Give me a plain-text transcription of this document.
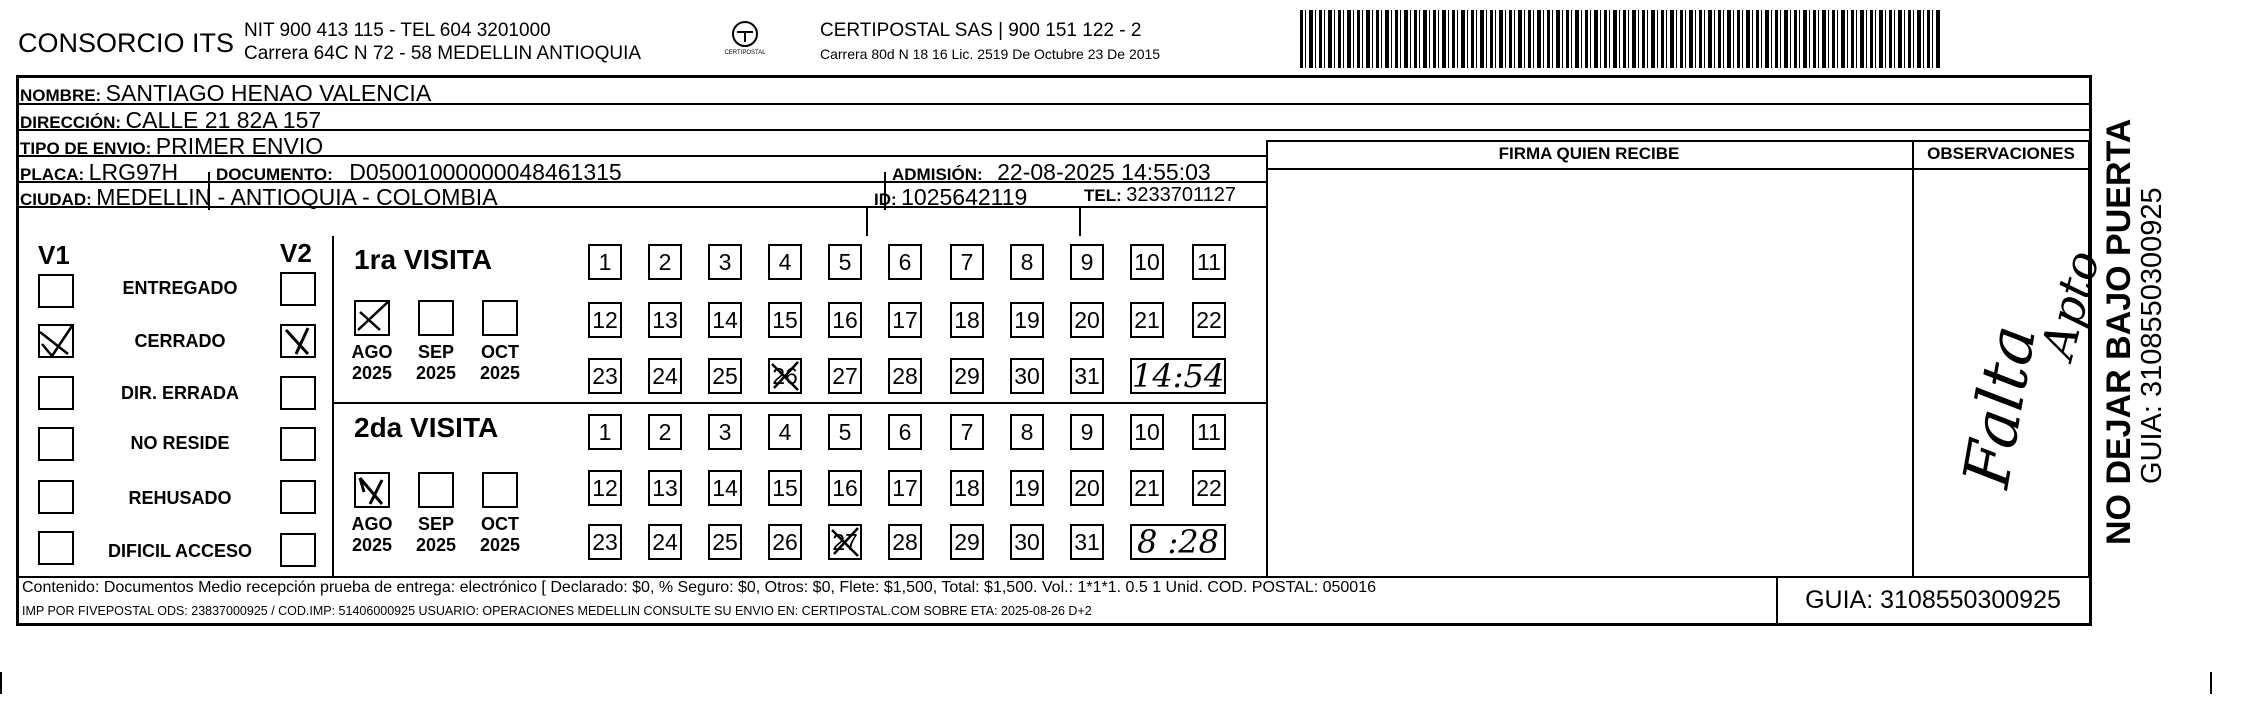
CONSORCIO ITS NIT 900 413 115 - TEL 604 3201000
Carrera 64C N 72 - 58 MEDELLIN ANTIOQUIA	CERTIPOSTAL
CERTIPOSTAL SAS | 900 151 122 - 2
Carrera 80d N 18 16 Lic. 2519 De Octubre 23 De 2015
NOMBRE: SANTIAGO HENAO VALENCIA
DIRECCIÓN: CALLE 21 82A 157
TIPO DE ENVIO: PRIMER ENVIO	FIRMA QUIEN RECIBE	OBSERVACIONES
PLACA: LRG97H DOCUMENTO: D05001000000048461315	ADMISIÓN: 22-08-2025 14:55:03
CIUDAD: MEDELLIN - ANTIOQUIA - COLOMBIA	ID: 1025642119	TEL: 3233701127
V1	V2
ENTREGADO
CERRADO
DIR. ERRADA
NO RESIDE
REHUSADO
DIFICIL ACCESO
1ra VISITA
AGO
2025
SEP
2025
OCT
2025
1	2	3	4	5	6	7	8	9	10 11
12 13 14 15 16 17 18 19 20 21 22
23 24 25 26 27 28 29 30 31 14:54
2da VISITA
AGO
2025
SEP
2025
OCT
2025
1	2	3	4	5	6	7	8	9	10 11
12 13 14 15 16 17 18 19 20 21 22
23 24 25 26 27 28 29 30 31 8 :28
Falta
Apto
Contenido: Documentos Medio recepción prueba de entrega: electrónico [ Declarado: $0, % Seguro: $0, Otros: $0, Flete: $1,500, Total: $1,500. Vol.: 1*1*1. 0.5 1 Unid. COD. POSTAL: 050016
IMP POR FIVEPOSTAL ODS: 23837000925 / COD.IMP: 51406000925 USUARIO: OPERACIONES MEDELLIN CONSULTE SU ENVIO EN: CERTIPOSTAL.COM SOBRE ETA: 2025-08-26 D+2	GUIA: 3108550300925
NO DEJAR BAJO PUERTA
GUIA: 3108550300925
